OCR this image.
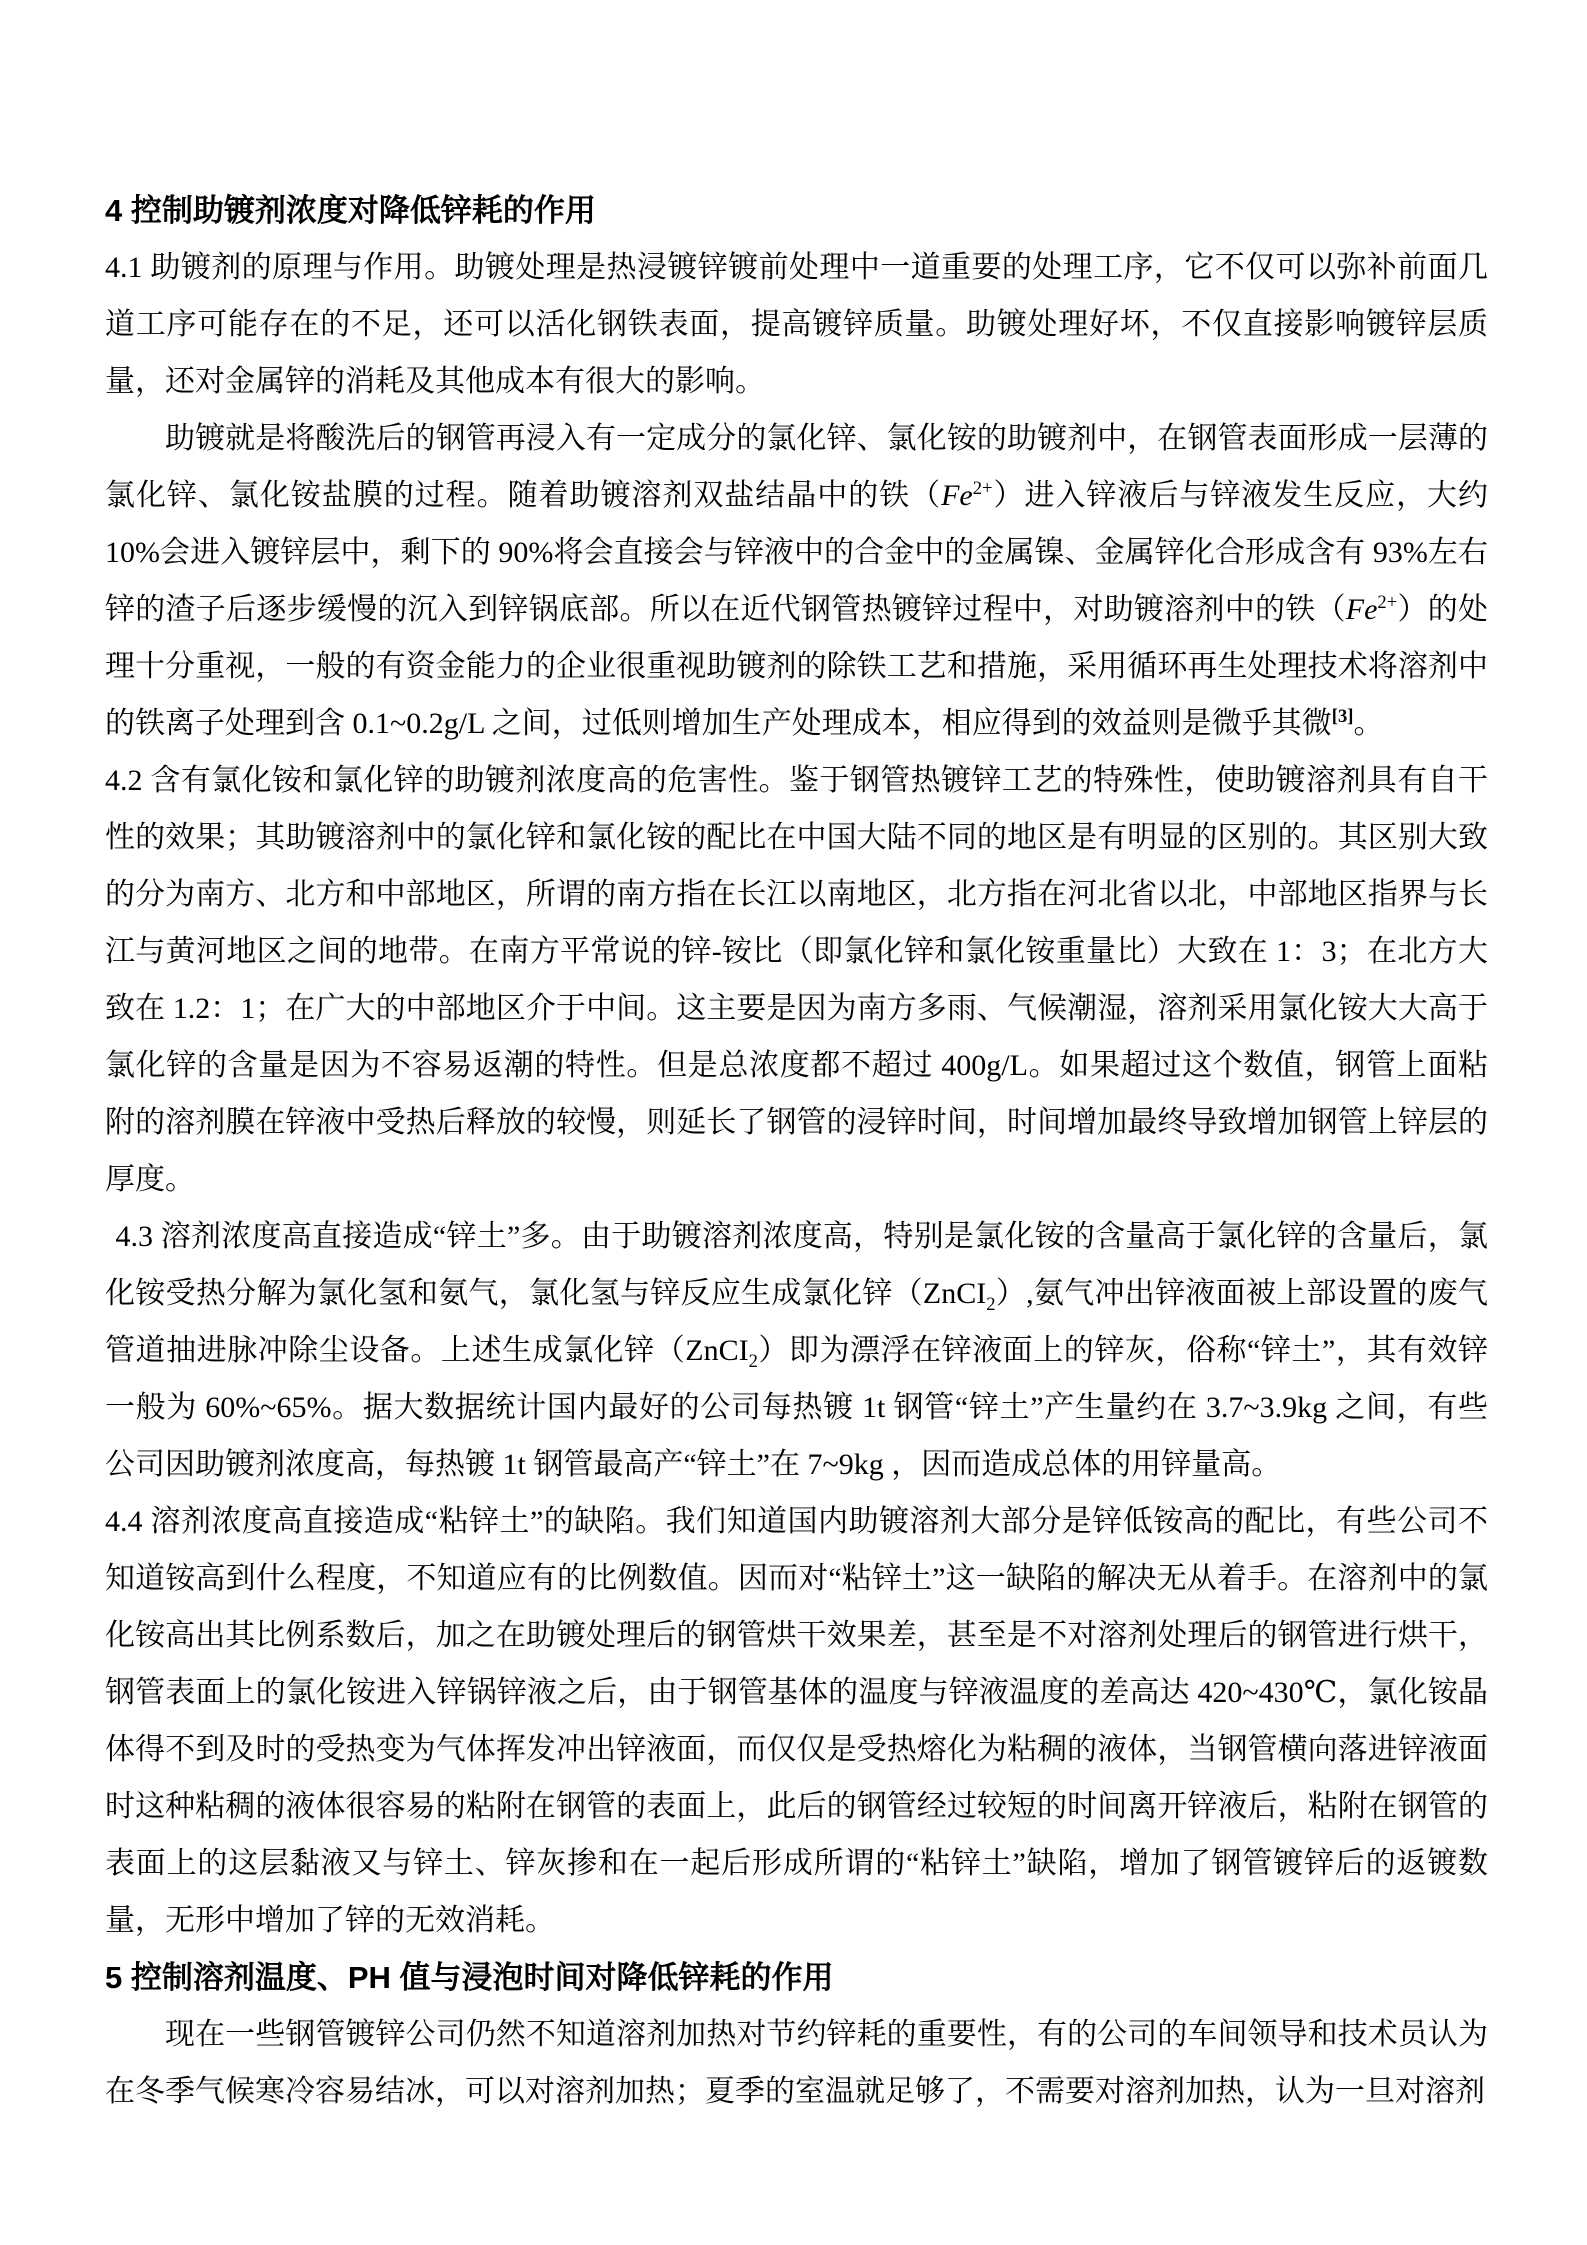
4 控制助镀剂浓度对降低锌耗的作用

4.1 助镀剂的原理与作用。助镀处理是热浸镀锌镀前处理中一道重要的处理工序，它不仅可以弥补前面几道工序可能存在的不足，还可以活化钢铁表面，提高镀锌质量。助镀处理好坏，不仅直接影响镀锌层质量，还对金属锌的消耗及其他成本有很大的影响。

助镀就是将酸洗后的钢管再浸入有一定成分的氯化锌、氯化铵的助镀剂中，在钢管表面形成一层薄的氯化锌、氯化铵盐膜的过程。随着助镀溶剂双盐结晶中的铁$(Fe^{2+})$进入锌液后与锌液发生反应，大约 10%会进入镀锌层中，剩下的 90%将会直接会与锌液中的合金中的金属镍、金属锌化合形成含有 93%左右锌的渣子后逐步缓慢的沉入到锌锅底部。所以在近代钢管热镀锌过程中，对助镀溶剂中的铁$(Fe^{2+})$的处理十分重视，一般的有资金能力的企业很重视助镀剂的除铁工艺和措施，采用循环再生处理技术将溶剂中的铁离子处理到含 0.1~0.2g/L 之间，过低则增加生产处理成本，相应得到的效益则是微乎其微[3]。

4.2 含有氯化铵和氯化锌的助镀剂浓度高的危害性。鉴于钢管热镀锌工艺的特殊性，使助镀溶剂具有自干性的效果；其助镀溶剂中的氯化锌和氯化铵的配比在中国大陆不同的地区是有明显的区别的。其区别大致的分为南方、北方和中部地区，所谓的南方指在长江以南地区，北方指在河北省以北，中部地区指界与长江与黄河地区之间的地带。在南方平常说的锌-铵比（即氯化锌和氯化铵重量比）大致在 1：3；在北方大致在 1.2：1；在广大的中部地区介于中间。这主要是因为南方多雨、气候潮湿，溶剂采用氯化铵大大高于氯化锌的含量是因为不容易返潮的特性。但是总浓度都不超过 400g/L。如果超过这个数值，钢管上面粘附的溶剂膜在锌液中受热后释放的较慢，则延长了钢管的浸锌时间，时间增加最终导致增加钢管上锌层的厚度。

4.3 溶剂浓度高直接造成“锌土”多。由于助镀溶剂浓度高，特别是氯化铵的含量高于氯化锌的含量后，氯化铵受热分解为氯化氢和氨气，氯化氢与锌反应生成氯化锌（ZnCI$_2$）,氨气冲出锌液面被上部设置的废气管道抽进脉冲除尘设备。上述生成氯化锌（ZnCI$_2$）即为漂浮在锌液面上的锌灰，俗称“锌土”，其有效锌一般为 60%~65%。据大数据统计国内最好的公司每热镀 1t 钢管“锌土”产生量约在 3.7~3.9kg 之间，有些公司因助镀剂浓度高，每热镀 1t 钢管最高产“锌土”在 7~9kg ，因而造成总体的用锌量高。

4.4 溶剂浓度高直接造成“粘锌土”的缺陷。我们知道国内助镀溶剂大部分是锌低铵高的配比，有些公司不知道铵高到什么程度，不知道应有的比例数值。因而对“粘锌土”这一缺陷的解决无从着手。在溶剂中的氯化铵高出其比例系数后，加之在助镀处理后的钢管烘干效果差，甚至是不对溶剂处理后的钢管进行烘干，钢管表面上的氯化铵进入锌锅锌液之后，由于钢管基体的温度与锌液温度的差高达 420~430℃，氯化铵晶体得不到及时的受热变为气体挥发冲出锌液面，而仅仅是受热熔化为粘稠的液体，当钢管横向落进锌液面时这种粘稠的液体很容易的粘附在钢管的表面上，此后的钢管经过较短的时间离开锌液后，粘附在钢管的表面上的这层黏液又与锌土、锌灰掺和在一起后形成所谓的“粘锌土”缺陷，增加了钢管镀锌后的返镀数量，无形中增加了锌的无效消耗。

5 控制溶剂温度、PH 值与浸泡时间对降低锌耗的作用

现在一些钢管镀锌公司仍然不知道溶剂加热对节约锌耗的重要性，有的公司的车间领导和技术员认为在冬季气候寒冷容易结冰，可以对溶剂加热；夏季的室温就足够了，不需要对溶剂加热，认为一旦对溶剂
